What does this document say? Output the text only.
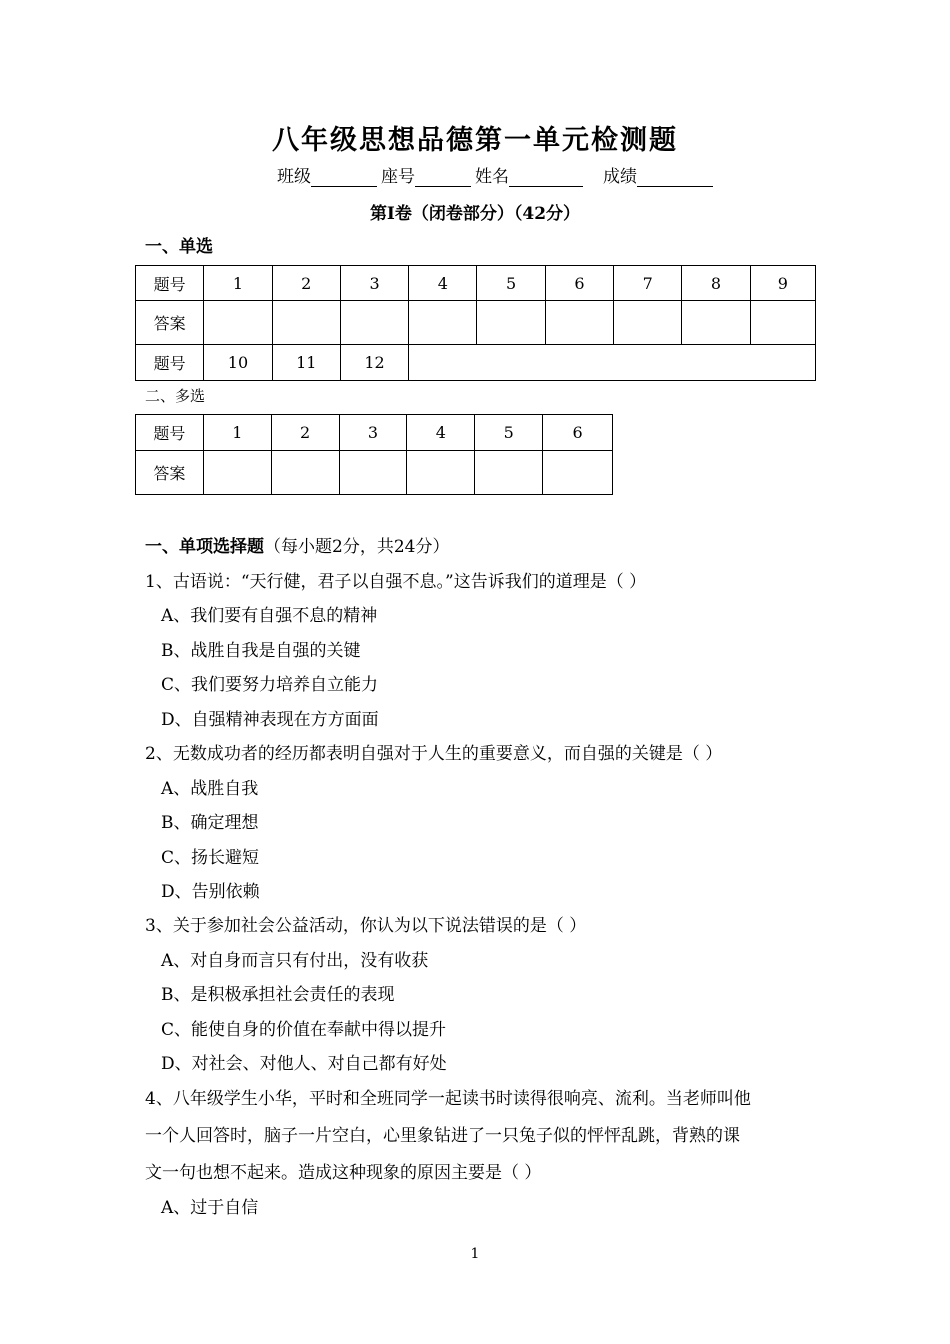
八年级思想品德第一单元检测题
班级	座号	姓名	成绩
第Ⅰ卷（闭卷部分）（42分）
一、单选
题号	1	2	3	4	5	6	7	8	9
答案									
题号	10	11	12						
二、多选
题号	1	2	3	4	5	6
答案						
一、单项选择题（每小题2分，共24分）
1、古语说：“天行健，君子以自强不息。”这告诉我们的道理是（ ）
A、我们要有自强不息的精神
B、战胜自我是自强的关键
C、我们要努力培养自立能力
D、自强精神表现在方方面面
2、无数成功者的经历都表明自强对于人生的重要意义，而自强的关键是（ ）
A、战胜自我
B、确定理想
C、扬长避短
D、告别依赖
3、关于参加社会公益活动，你认为以下说法错误的是（ ）
A、对自身而言只有付出，没有收获
B、是积极承担社会责任的表现
C、能使自身的价值在奉献中得以提升
D、对社会、对他人、对自己都有好处
4、八年级学生小华，平时和全班同学一起读书时读得很响亮、流利。当老师叫他
一个人回答时，脑子一片空白，心里象钻进了一只兔子似的怦怦乱跳，背熟的课
文一句也想不起来。造成这种现象的原因主要是（ ）
A、过于自信
1
